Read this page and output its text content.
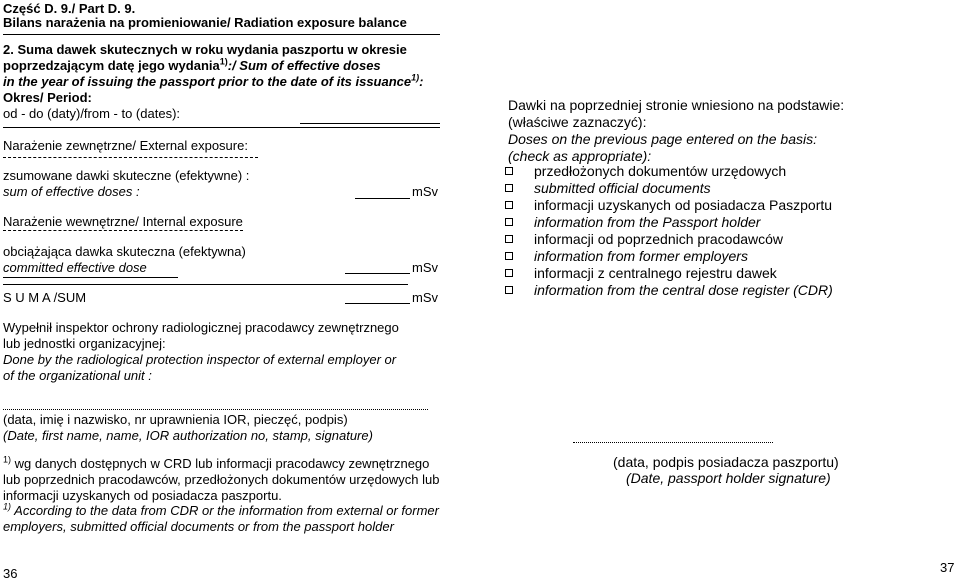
Część D. 9./ Part D. 9.
Bilans narażenia na promieniowanie/ Radiation exposure balance
2. Suma dawek skutecznych w roku wydania paszportu w okresie
poprzedzającym datę jego wydania$^{1)}$:/ Sum of effective doses
in the year of issuing the passport prior to the date of its issuance$^{1)}$:
Okres/ Period:
od - do (daty)/from - to (dates):
Narażenie zewnętrzne/ External exposure:
zsumowane dawki skuteczne (efektywne) :
sum of effective doses :	mSv
Narażenie wewnętrzne/ Internal exposure
obciążająca dawka skuteczna (efektywna)
committed effective dose	mSv
S U M A /SUM	mSv
Dawki na poprzedniej stronie wniesiono na podstawie:
(właściwe zaznaczyć):
Doses on the previous page entered on the basis:
(check as appropriate):
przedłożonych dokumentów urzędowych
submitted official documents
informacji uzyskanych od posiadacza Paszportu
information from the Passport holder
informacji od poprzednich pracodawców
information from former employers
informacji z centralnego rejestru dawek
information from the central dose register (CDR)
Wypełnił inspektor ochrony radiologicznej pracodawcy zewnętrznego
lub jednostki organizacyjnej:
Done by the radiological protection inspector of external employer or
of the organizational unit :
(data, imię i nazwisko, nr uprawnienia IOR, pieczęć, podpis)
(Date, first name, name, IOR authorization no, stamp, signature)
(data, podpis posiadacza paszportu)
(Date, passport holder signature)
$^{1)}$ wg danych dostępnych w CRD lub informacji pracodawcy zewnętrznego
lub poprzednich pracodawców, przedłożonych dokumentów urzędowych lub
informacji uzyskanych od posiadacza paszportu.
$^{1)}$ According to the data from CDR or the information from external or former
employers, submitted official documents or from the passport holder
36	37
